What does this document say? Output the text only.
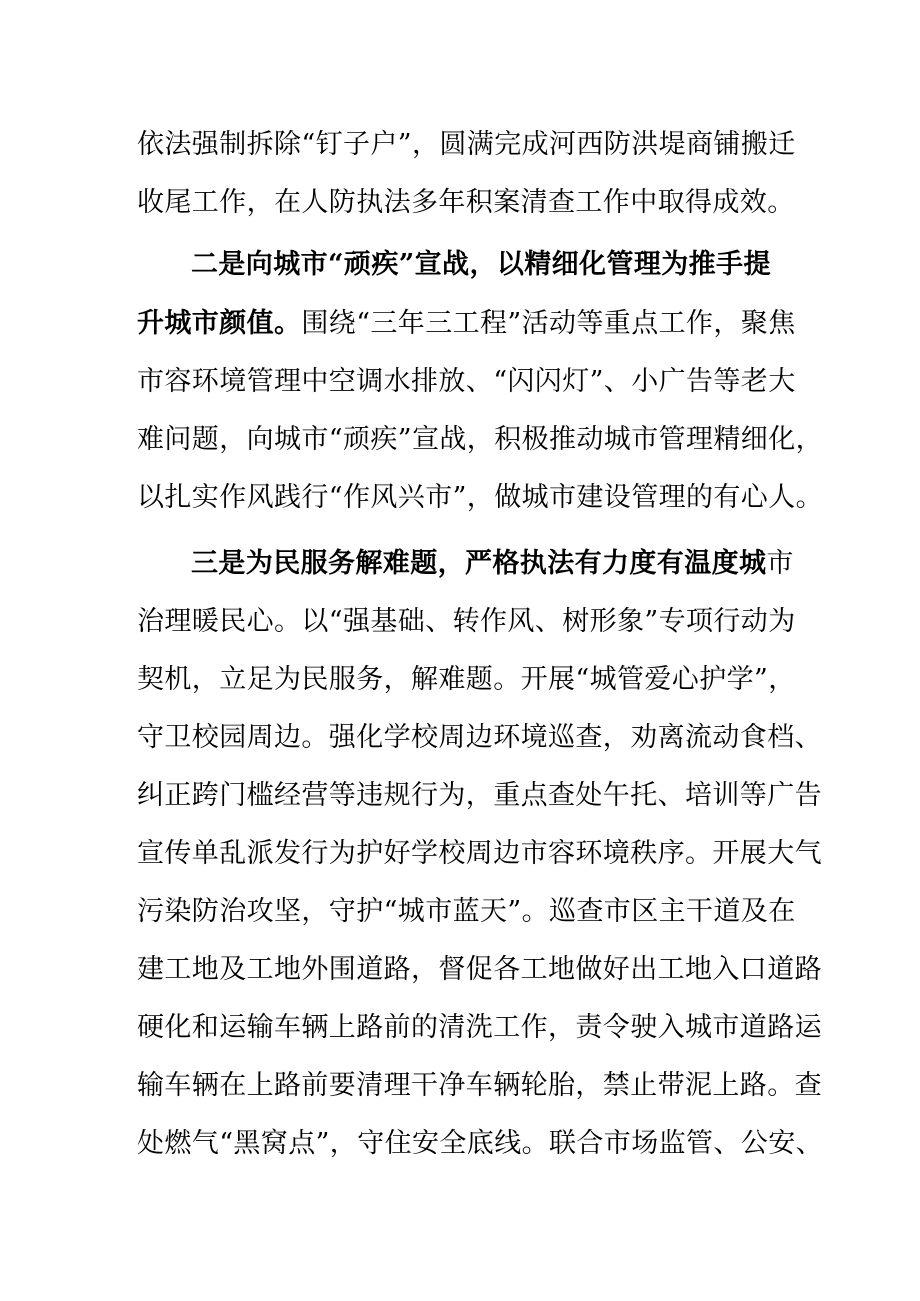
依法强制拆除“钉子户”，圆满完成河西防洪堤商铺搬迁
收尾工作，在人防执法多年积案清查工作中取得成效。
二是向城市“顽疾”宣战，以精细化管理为推手提
升城市颜值。围绕“三年三工程”活动等重点工作，聚焦
市容环境管理中空调水排放、“闪闪灯”、小广告等老大
难问题，向城市“顽疾”宣战，积极推动城市管理精细化，
以扎实作风践行“作风兴市”，做城市建设管理的有心人。
三是为民服务解难题，严格执法有力度有温度城市
治理暖民心。以“强基础、转作风、树形象”专项行动为
契机，立足为民服务，解难题。开展“城管爱心护学”，
守卫校园周边。强化学校周边环境巡查，劝离流动食档、
纠正跨门槛经营等违规行为，重点查处午托、培训等广告
宣传单乱派发行为护好学校周边市容环境秩序。开展大气
污染防治攻坚，守护“城市蓝天”。巡查市区主干道及在
建工地及工地外围道路，督促各工地做好出工地入口道路
硬化和运输车辆上路前的清洗工作，责令驶入城市道路运
输车辆在上路前要清理干净车辆轮胎，禁止带泥上路。查
处燃气“黑窝点”，守住安全底线。联合市场监管、公安、
